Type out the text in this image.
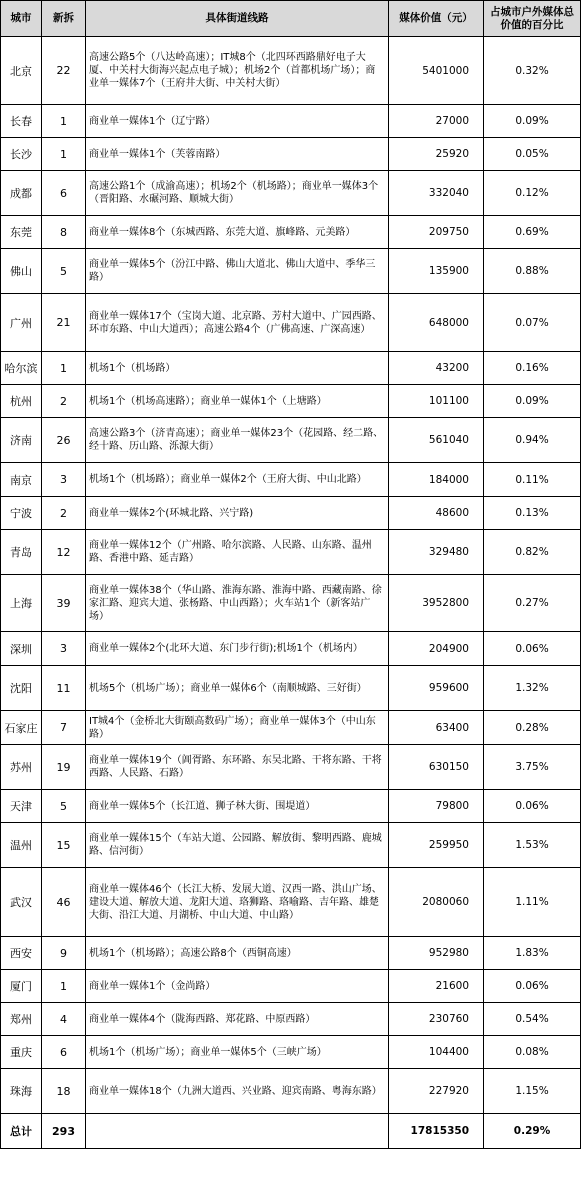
城市	新拆	具体街道线路	媒体价值（元）	占城市户外媒体总价值的百分比
北京	22	高速公路5个（八达岭高速）；IT城8个（北四环西路鼎好电子大厦、中关村大街海兴起点电子城）；机场2个（首都机场广场）；商业单一媒体7个（王府井大街、中关村大街）	5401000	0.32%
长春	1	商业单一媒体1个（辽宁路）	27000	0.09%
长沙	1	商业单一媒体1个（芙蓉南路）	25920	0.05%
成都	6	高速公路1个（成渝高速）；机场2个（机场路）；商业单一媒体3个（晋阳路、水碾河路、顺城大街）	332040	0.12%
东莞	8	商业单一媒体8个（东城西路、东莞大道、旗峰路、元美路）	209750	0.69%
佛山	5	商业单一媒体5个（汾江中路、佛山大道北、佛山大道中、季华三路）	135900	0.88%
广州	21	商业单一媒体17个（宝岗大道、北京路、芳村大道中、广园西路、环市东路、中山大道西）；高速公路4个（广佛高速、广深高速）	648000	0.07%
哈尔滨	1	机场1个（机场路）	43200	0.16%
杭州	2	机场1个（机场高速路）；商业单一媒体1个（上塘路）	101100	0.09%
济南	26	高速公路3个（济青高速）；商业单一媒体23个（花园路、经二路、经十路、历山路、泺源大街）	561040	0.94%
南京	3	机场1个（机场路）；商业单一媒体2个（王府大街、中山北路）	184000	0.11%
宁波	2	商业单一媒体2个(环城北路、兴宁路)	48600	0.13%
青岛	12	商业单一媒体12个（广州路、哈尔滨路、人民路、山东路、温州路、香港中路、延吉路）	329480	0.82%
上海	39	商业单一媒体38个（华山路、淮海东路、淮海中路、西藏南路、徐家汇路、迎宾大道、张杨路、中山西路）；火车站1个（新客站广场）	3952800	0.27%
深圳	3	商业单一媒体2个(北环大道、东门步行街);机场1个（机场内）	204900	0.06%
沈阳	11	机场5个（机场广场）；商业单一媒体6个（南顺城路、三好街）	959600	1.32%
石家庄	7	IT城4个（金桥北大街颐高数码广场）；商业单一媒体3个（中山东路）	63400	0.28%
苏州	19	商业单一媒体19个（阊胥路、东环路、东吴北路、干将东路、干将西路、人民路、石路）	630150	3.75%
天津	5	商业单一媒体5个（长江道、狮子林大街、围堤道）	79800	0.06%
温州	15	商业单一媒体15个（车站大道、公园路、解放街、黎明西路、鹿城路、信河街）	259950	1.53%
武汉	46	商业单一媒体46个（长江大桥、发展大道、汉西一路、洪山广场、建设大道、解放大道、龙阳大道、珞狮路、珞喻路、吉年路、雄楚大街、沿江大道、月湖桥、中山大道、中山路）	2080060	1.11%
西安	9	机场1个（机场路）；高速公路8个（西铜高速）	952980	1.83%
厦门	1	商业单一媒体1个（金尚路）	21600	0.06%
郑州	4	商业单一媒体4个（陇海西路、郑花路、中原西路）	230760	0.54%
重庆	6	机场1个（机场广场）；商业单一媒体5个（三峡广场）	104400	0.08%
珠海	18	商业单一媒体18个（九洲大道西、兴业路、迎宾南路、粤海东路）	227920	1.15%
总计	293		17815350	0.29%
